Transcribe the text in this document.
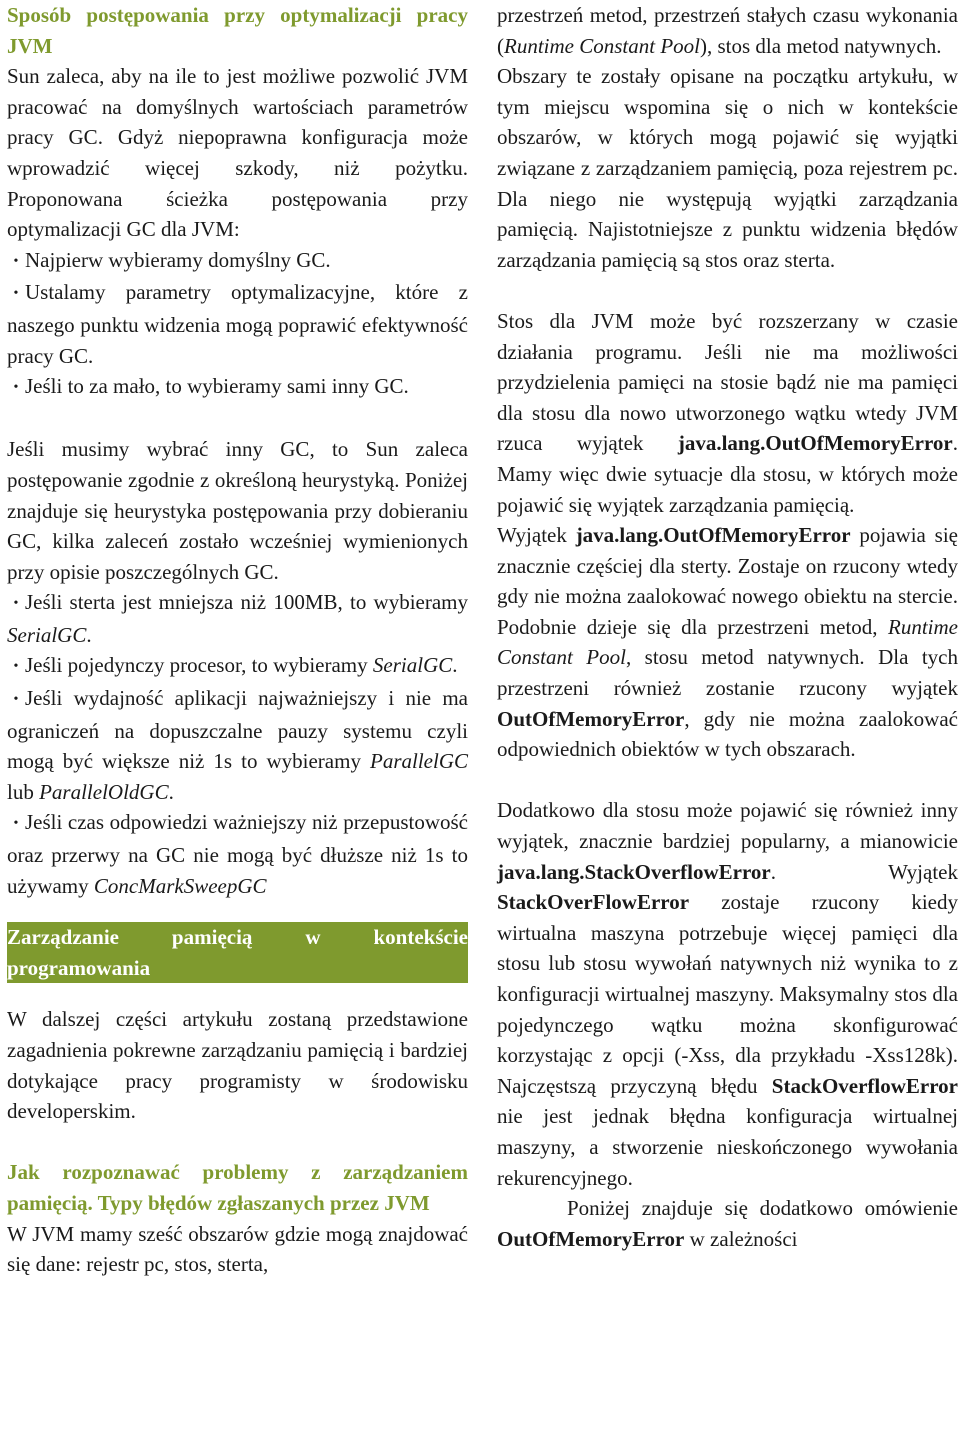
Sposób postępowania przy optymalizacji pracy JVM

Sun zaleca, aby na ile to jest możliwe pozwolić JVM pracować na domyślnych wartościach parametrów pracy GC. Gdyż niepoprawna konfiguracja może wprowadzić więcej szkody, niż pożytku. Proponowana ścieżka postępowania przy optymalizacji GC dla JVM:

•Najpierw wybieramy domyślny GC.

•Ustalamy parametry optymalizacyjne, które z naszego punktu widzenia mogą poprawić efektywność pracy GC.

•Jeśli to za mało, to wybieramy sami inny GC.

Jeśli musimy wybrać inny GC, to Sun zaleca postępowanie zgodnie z określoną heurystyką. Poniżej znajduje się heurystyka postępowania przy dobieraniu GC, kilka zaleceń zostało wcześniej wymienionych przy opisie poszczególnych GC.

•Jeśli sterta jest mniejsza niż 100MB, to wybieramy SerialGC.

•Jeśli pojedynczy procesor, to wybieramy SerialGC.

•Jeśli wydajność aplikacji najważniejszy i nie ma ograniczeń na dopuszczalne pauzy systemu czyli mogą być większe niż 1s to wybieramy ParallelGC lub ParallelOldGC.

•Jeśli czas odpowiedzi ważniejszy niż przepustowość oraz przerwy na GC nie mogą być dłuższe niż 1s to używamy ConcMarkSweepGC

Zarządzanie pamięcią w kontekście programowania

W dalszej części artykułu zostaną przedstawione zagadnienia pokrewne zarządzaniu pamięcią i bardziej dotykające pracy programisty w środowisku developerskim.

Jak rozpoznawać problemy z zarządzaniem pamięcią. Typy błędów zgłaszanych przez JVM

W JVM mamy sześć obszarów gdzie mogą znajdować się dane: rejestr pc, stos, sterta,

przestrzeń metod, przestrzeń stałych czasu wykonania (Runtime Constant Pool), stos dla metod natywnych.

Obszary te zostały opisane na początku artykułu, w tym miejscu wspomina się o nich w kontekście obszarów, w których mogą pojawić się wyjątki związane z zarządzaniem pamięcią, poza rejestrem pc. Dla niego nie występują wyjątki zarządzania pamięcią. Najistotniejsze z punktu widzenia błędów zarządzania pamięcią są stos oraz sterta.

Stos dla JVM może być rozszerzany w czasie działania programu. Jeśli nie ma możliwości przydzielenia pamięci na stosie bądź nie ma pamięci dla stosu dla nowo utworzonego wątku wtedy JVM rzuca wyjątek java.lang.OutOfMemoryError. Mamy więc dwie sytuacje dla stosu, w których może pojawić się wyjątek zarządzania pamięcią.

Wyjątek java.lang.OutOfMemoryError pojawia się znacznie częściej dla sterty. Zostaje on rzucony wtedy gdy nie można zaalokować nowego obiektu na stercie. Podobnie dzieje się dla przestrzeni metod, Runtime Constant Pool, stosu metod natywnych. Dla tych przestrzeni również zostanie rzucony wyjątek OutOfMemoryError, gdy nie można zaalokować odpowiednich obiektów w tych obszarach.

Dodatkowo dla stosu może pojawić się również inny wyjątek, znacznie bardziej popularny, a mianowicie java.lang.StackOverflowError. Wyjątek StackOverFlowError zostaje rzucony kiedy wirtualna maszyna potrzebuje więcej pamięci dla stosu lub stosu wywołań natywnych niż wynika to z konfiguracji wirtualnej maszyny. Maksymalny stos dla pojedynczego wątku można skonfigurować korzystając z opcji (-Xss, dla przykładu -Xss128k). Najczęstszą przyczyną błędu StackOverflowError nie jest jednak błędna konfiguracja wirtualnej maszyny, a stworzenie nieskończonego wywołania rekurencyjnego.

Poniżej znajduje się dodatkowo omówienie OutOfMemoryError w zależności
